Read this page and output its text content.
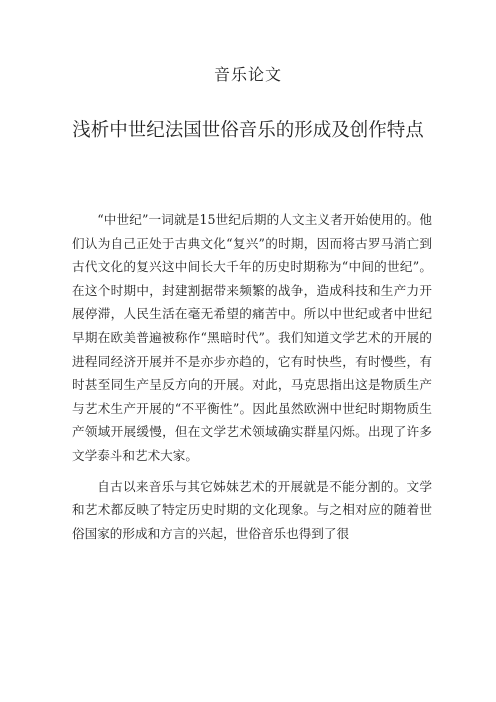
音乐论文
浅析中世纪法国世俗音乐的形成及创作特点

“中世纪”一词就是15世纪后期的人文主义者开始使用的。他们认为自己正处于古典文化“复兴”的时期，因而将古罗马消亡到古代文化的复兴这中间长大千年的历史时期称为“中间的世纪”。在这个时期中，封建割据带来频繁的战争，造成科技和生产力开展停滞，人民生活在毫无希望的痛苦中。所以中世纪或者中世纪早期在欧美普遍被称作“黑暗时代”。我们知道文学艺术的开展的进程同经济开展并不是亦步亦趋的，它有时快些，有时慢些，有时甚至同生产呈反方向的开展。对此，马克思指出这是物质生产与艺术生产开展的“不平衡性”。因此虽然欧洲中世纪时期物质生产领域开展缓慢，但在文学艺术领域确实群星闪烁。出现了许多文学泰斗和艺术大家。

自古以来音乐与其它姊妹艺术的开展就是不能分割的。文学和艺术都反映了特定历史时期的文化现象。与之相对应的随着世俗国家的形成和方言的兴起，世俗音乐也得到了很
